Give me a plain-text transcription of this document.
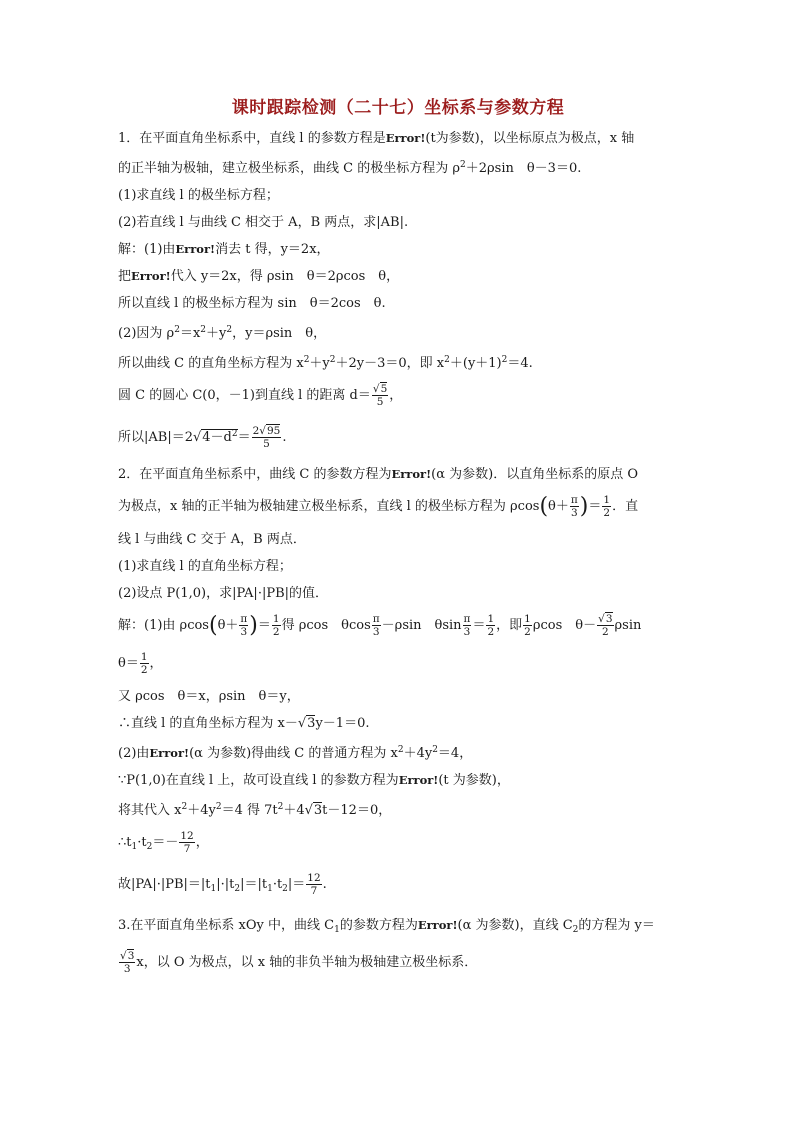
课时跟踪检测（二十七）坐标系与参数方程
1．在平面直角坐标系中，直线 l 的参数方程是Error!(t为参数)，以坐标原点为极点，x 轴
的正半轴为极轴，建立极坐标系，曲线 C 的极坐标方程为 $\rho^2+2\rho\sin$　θ－3＝0.
(1)求直线 l 的极坐标方程；
(2)若直线 l 与曲线 C 相交于 A，B 两点，求|AB|.
解：(1)由Error!消去 t 得，y＝2x，
把Error!代入 y＝2x，得 ρsin　θ＝2ρcos　θ，
所以直线 l 的极坐标方程为 sin　θ＝2cos　θ.
(2)因为 $\rho^2=x^2+y^2$，y＝ρsin　θ，
所以曲线 C 的直角坐标方程为 $x^2+y^2+2y-3=0$，即 $x^2+(y+1)^2=4$.
圆 C 的圆心 C(0，－1)到直线 l 的距离 $d= \frac{√5}{5}$ ，
所以$|AB|=2√4-d^2= \frac{2√95}{5}$ .
2．在平面直角坐标系中，曲线 C 的参数方程为Error!(α 为参数)．以直角坐标系的原点 O
为极点，x 轴的正半轴为极轴建立极坐标系，直线 l 的极坐标方程为 $\rho\cos(\theta+ \frac{\pi}{3}$ )＝ $\frac{1}{2}$ ．直
线 l 与曲线 C 交于 A，B 两点．
(1)求直线 l 的直角坐标方程；
(2)设点 P(1,0)，求|PA|·|PB|的值．
解：(1)由 $\rho\cos(\theta+ \frac{\pi}{3}$ )＝ $\frac{1}{2}$ 得 ρcos　θcos $\frac{\pi}{3} -\rho\sin$　θsin $\frac{\pi}{3} = \frac{1}{2}$ ，即 $\frac{1}{2}$ ρcos　$\theta- \frac{√3}{2}$ ρsin
$\theta= \frac{1}{2}$ ，
又 ρcos　θ＝x，ρsin　θ＝y，
∴直线 l 的直角坐标方程为 x－√3y－1＝0.
(2)由Error!(α 为参数)得曲线 C 的普通方程为 $x^2+4y^2=4$，
∵P(1,0)在直线 l 上，故可设直线 l 的参数方程为Error!(t 为参数)，
将其代入 $x^2+4y^2=4$ 得 $7t^2+4√3t-12=0$，
$\therefore t_1\cdot t_2=- \frac{12}{7}$ ，
故$|PA|\cdot|PB|=|t_1|\cdot|t_2|=|t_1\cdot t_2|= \frac{12}{7}$ .
3.在平面直角坐标系 xOy 中，曲线 $C_1$的参数方程为Error!(α 为参数)，直线 $C_2$的方程为 y＝
$\frac{√3}{3}$ x，以 O 为极点，以 x 轴的非负半轴为极轴建立极坐标系．
